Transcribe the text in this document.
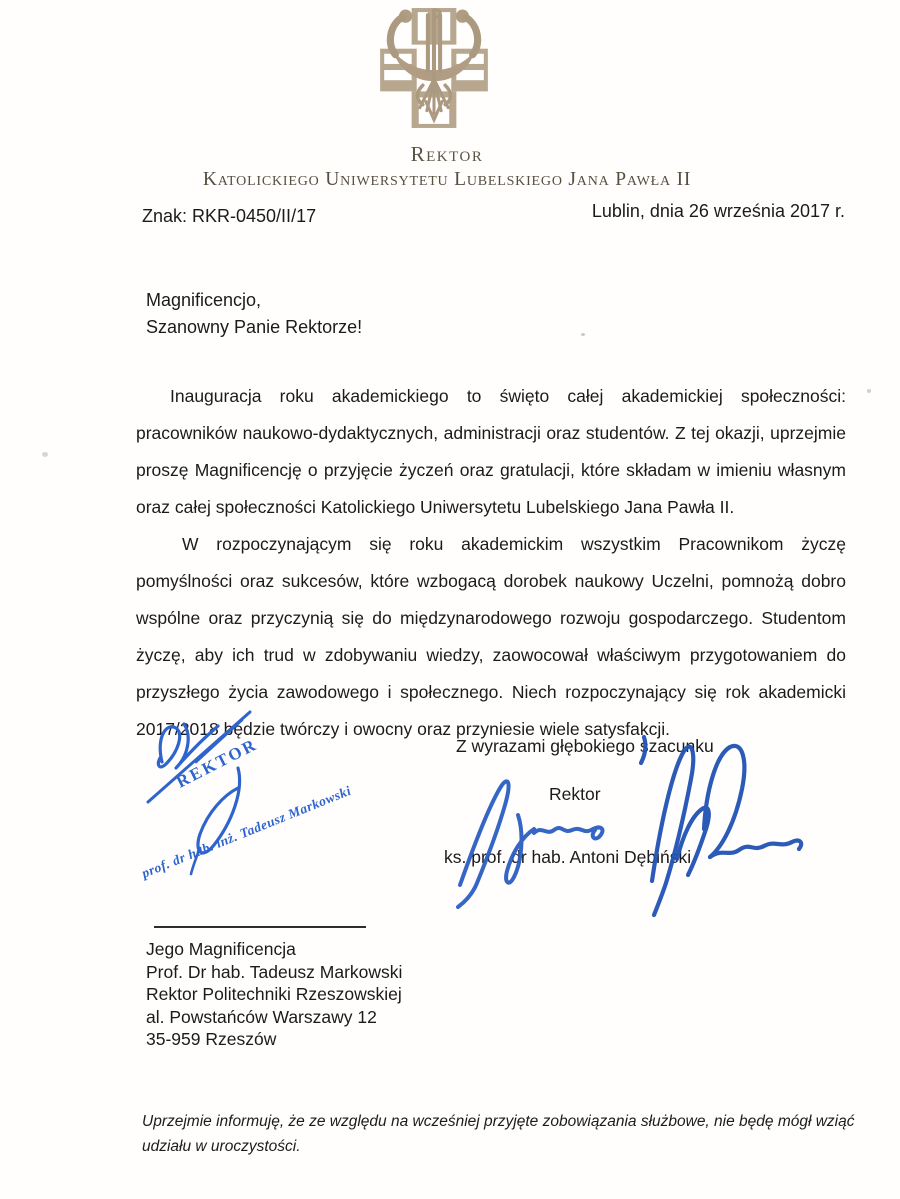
Rektor
Katolickiego Uniwersytetu Lubelskiego Jana Pawła II
Znak: RKR-0450/II/17	Lublin, dnia 26 września 2017 r.
Magnificencjo,
Szanowny Panie Rektorze!

Inauguracja roku akademickiego to święto całej akademickiej społeczności: pracowników naukowo-dydaktycznych, administracji oraz studentów. Z tej okazji, uprzejmie proszę Magnificencję o przyjęcie życzeń oraz gratulacji, które składam w imieniu własnym oraz całej społeczności Katolickiego Uniwersytetu Lubelskiego Jana Pawła II.

W rozpoczynającym się roku akademickim wszystkim Pracownikom życzę pomyślności oraz sukcesów, które wzbogacą dorobek naukowy Uczelni, pomnożą dobro wspólne oraz przyczynią się do międzynarodowego rozwoju gospodarczego. Studentom życzę, aby ich trud w zdobywaniu wiedzy, zaowocował właściwym przygotowaniem do przyszłego życia zawodowego i społecznego. Niech rozpoczynający się rok akademicki 2017/2018 będzie twórczy i owocny oraz przyniesie wiele satysfakcji.

Z wyrazami głębokiego szacunku
Rektor
ks. prof. dr hab. Antoni Dębiński
REKTOR
prof. dr hab. inż. Tadeusz Markowski
Jego Magnificencja
Prof. Dr hab. Tadeusz Markowski
Rektor Politechniki Rzeszowskiej
al. Powstańców Warszawy 12
35-959 Rzeszów
Uprzejmie informuję, że ze względu na wcześniej przyjęte zobowiązania służbowe, nie będę mógł wziąć udziału w uroczystości.
